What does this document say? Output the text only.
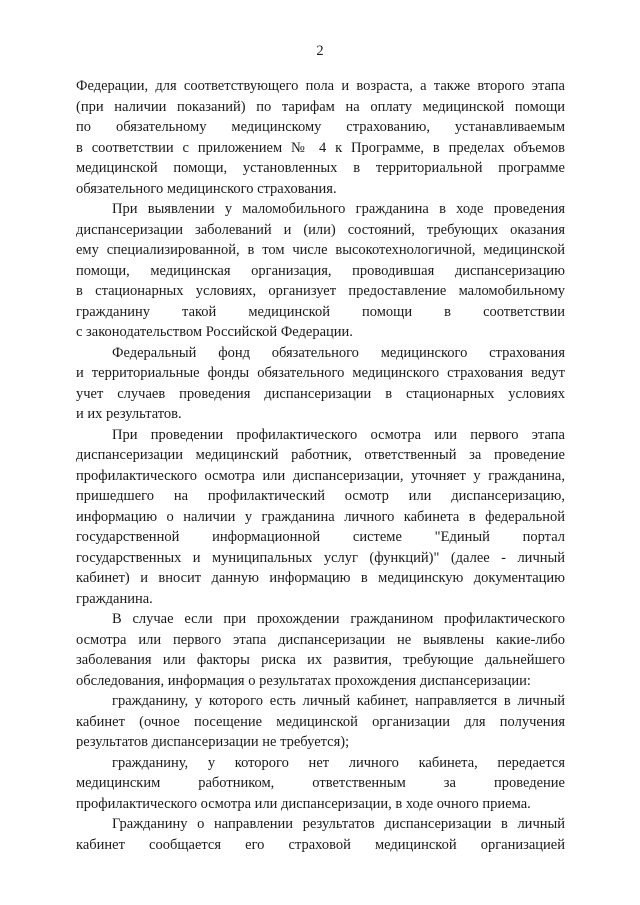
2
Федерации, для соответствующего пола и возраста, а также второго этапа
(при наличии показаний) по тарифам на оплату медицинской помощи
по обязательному медицинскому страхованию, устанавливаемым
в соответствии с приложением № 4 к Программе, в пределах объемов
медицинской помощи, установленных в территориальной программе
обязательного медицинского страхования.
При выявлении у маломобильного гражданина в ходе проведения
диспансеризации заболеваний и (или) состояний, требующих оказания
ему специализированной, в том числе высокотехнологичной, медицинской
помощи, медицинская организация, проводившая диспансеризацию
в стационарных условиях, организует предоставление маломобильному
гражданину такой медицинской помощи в соответствии
с законодательством Российской Федерации.
Федеральный фонд обязательного медицинского страхования
и территориальные фонды обязательного медицинского страхования ведут
учет случаев проведения диспансеризации в стационарных условиях
и их результатов.
При проведении профилактического осмотра или первого этапа
диспансеризации медицинский работник, ответственный за проведение
профилактического осмотра или диспансеризации, уточняет у гражданина,
пришедшего на профилактический осмотр или диспансеризацию,
информацию о наличии у гражданина личного кабинета в федеральной
государственной информационной системе "Единый портал
государственных и муниципальных услуг (функций)" (далее - личный
кабинет) и вносит данную информацию в медицинскую документацию
гражданина.
В случае если при прохождении гражданином профилактического
осмотра или первого этапа диспансеризации не выявлены какие-либо
заболевания или факторы риска их развития, требующие дальнейшего
обследования, информация о результатах прохождения диспансеризации:
гражданину, у которого есть личный кабинет, направляется в личный
кабинет (очное посещение медицинской организации для получения
результатов диспансеризации не требуется);
гражданину, у которого нет личного кабинета, передается
медицинским работником, ответственным за проведение
профилактического осмотра или диспансеризации, в ходе очного приема.
Гражданину о направлении результатов диспансеризации в личный
кабинет сообщается его страховой медицинской организацией
